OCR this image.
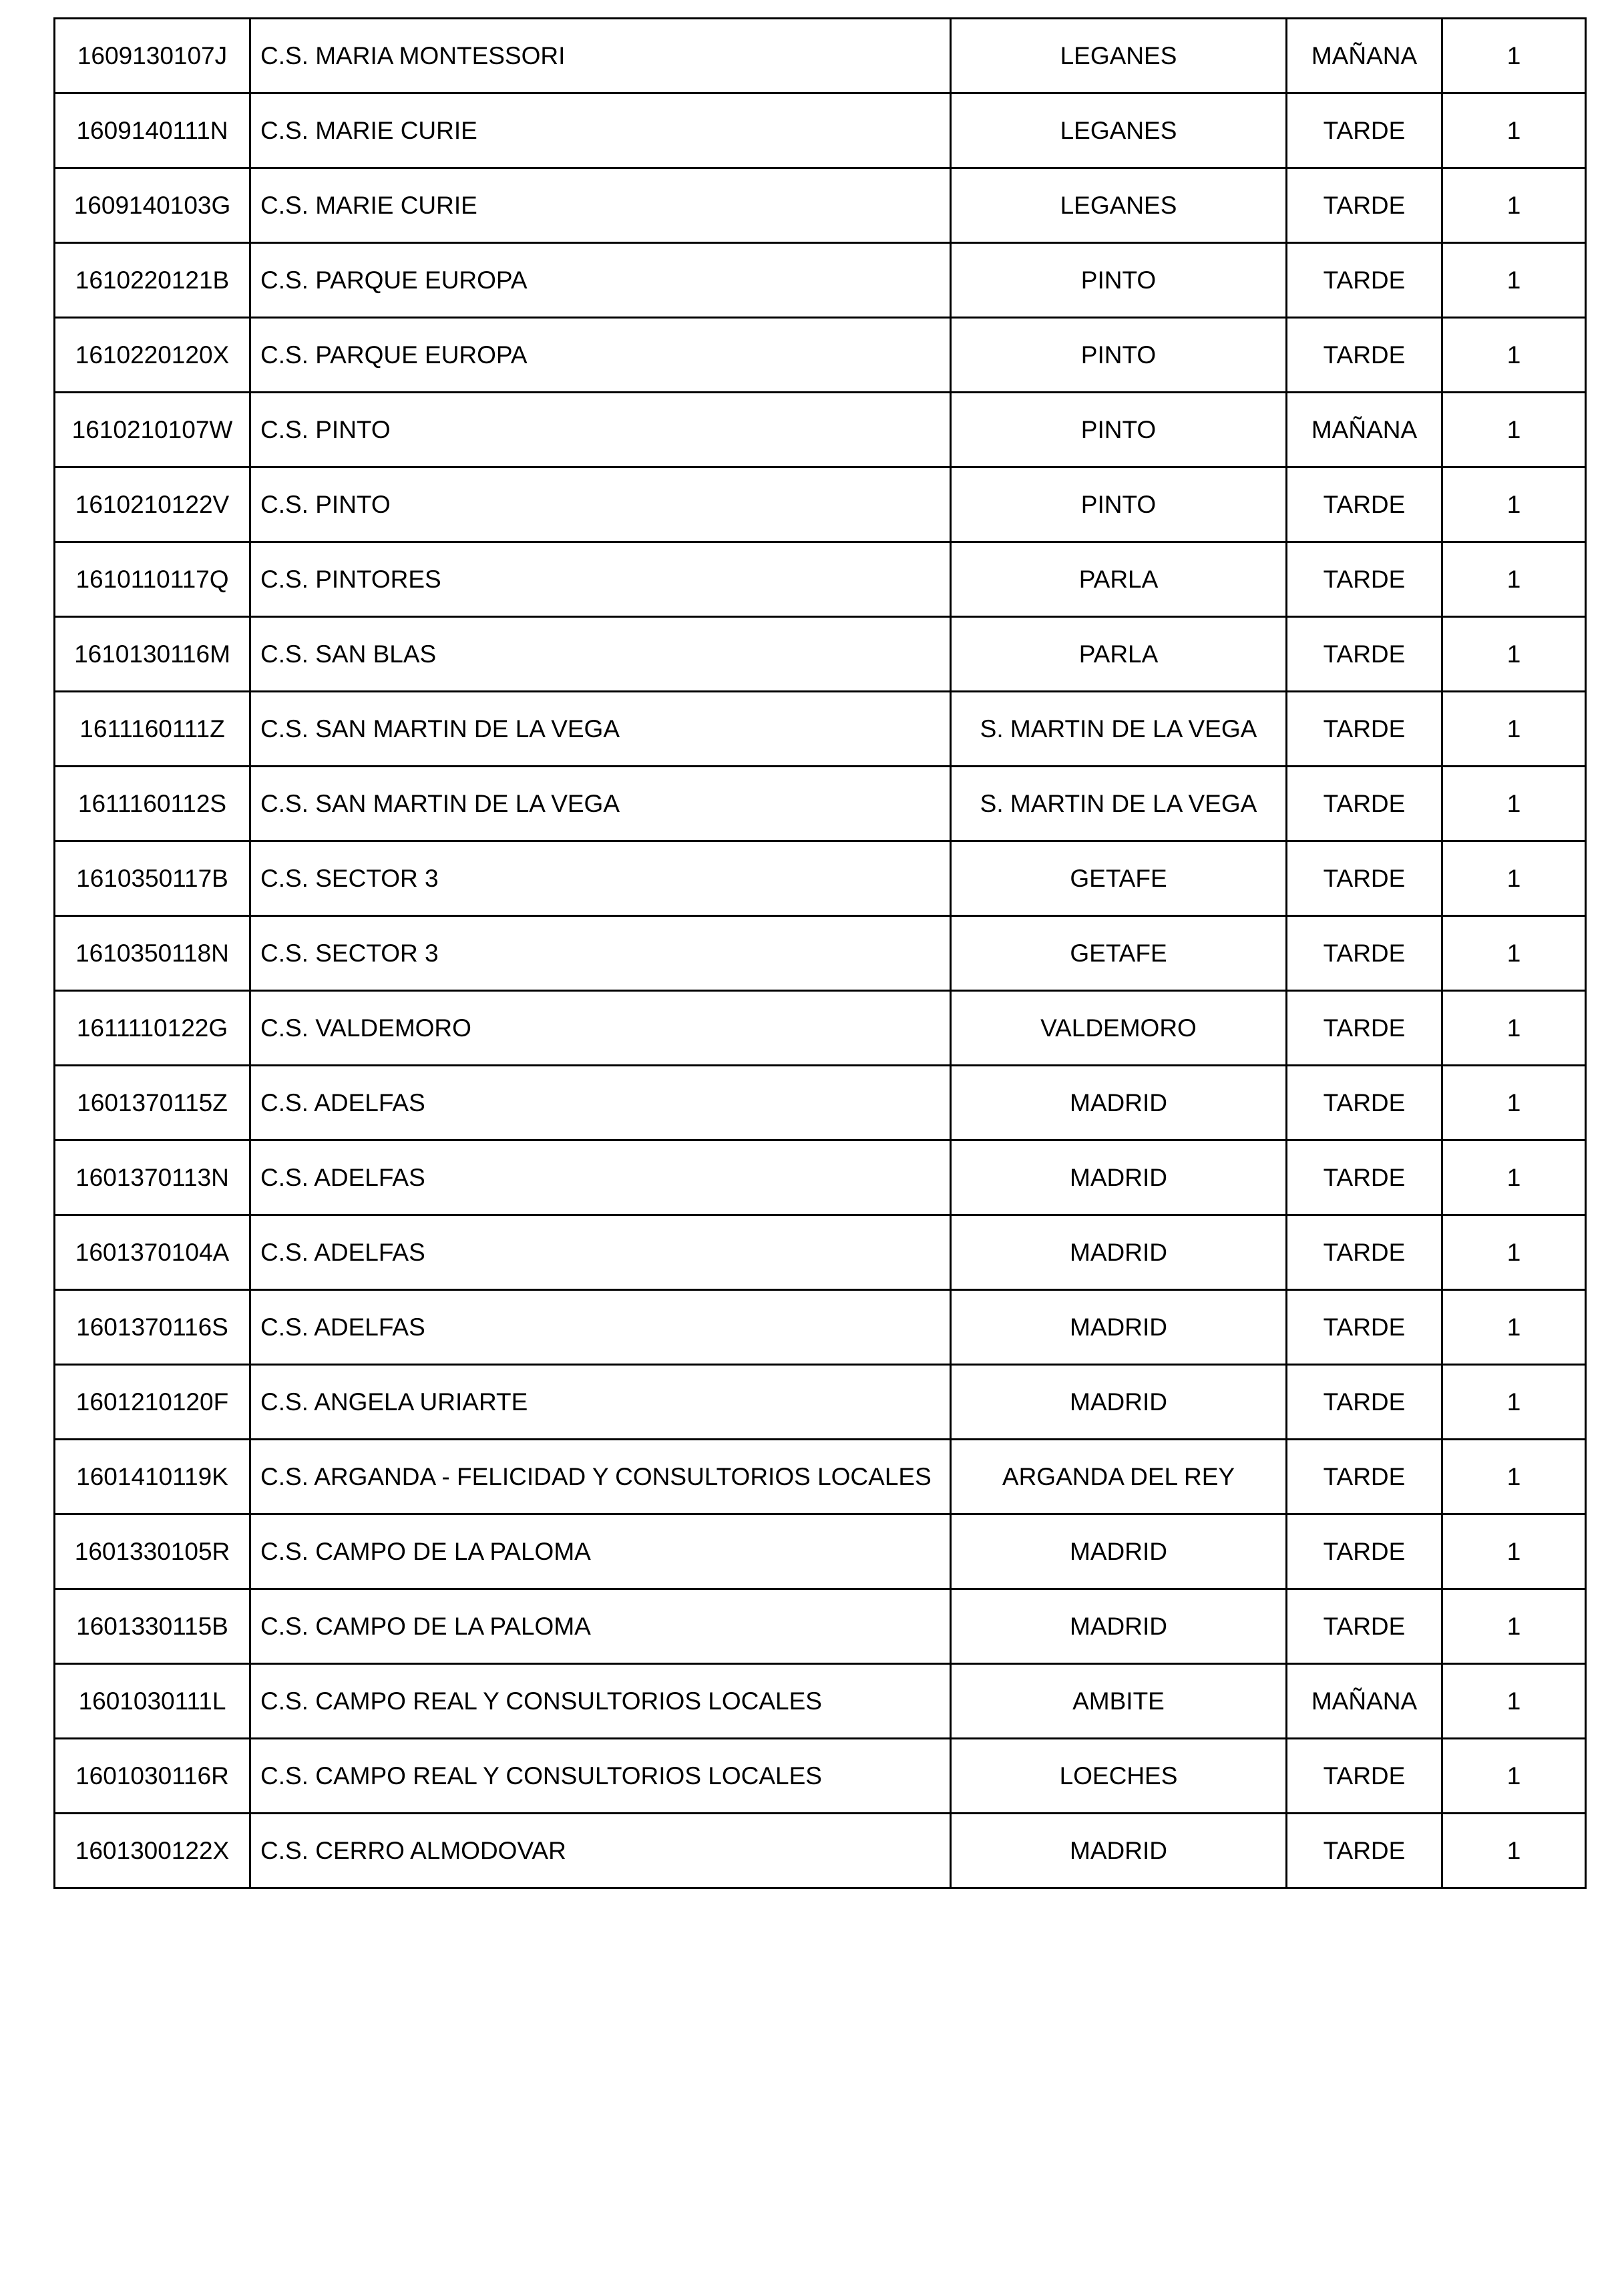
1609130107J	C.S. MARIA MONTESSORI	LEGANES	MAÑANA	1
1609140111N	C.S. MARIE CURIE	LEGANES	TARDE	1
1609140103G	C.S. MARIE CURIE	LEGANES	TARDE	1
1610220121B	C.S. PARQUE EUROPA	PINTO	TARDE	1
1610220120X	C.S. PARQUE EUROPA	PINTO	TARDE	1
1610210107W	C.S. PINTO	PINTO	MAÑANA	1
1610210122V	C.S. PINTO	PINTO	TARDE	1
1610110117Q	C.S. PINTORES	PARLA	TARDE	1
1610130116M	C.S. SAN BLAS	PARLA	TARDE	1
1611160111Z	C.S. SAN MARTIN DE LA VEGA	S. MARTIN DE LA VEGA	TARDE	1
1611160112S	C.S. SAN MARTIN DE LA VEGA	S. MARTIN DE LA VEGA	TARDE	1
1610350117B	C.S. SECTOR 3	GETAFE	TARDE	1
1610350118N	C.S. SECTOR 3	GETAFE	TARDE	1
1611110122G	C.S. VALDEMORO	VALDEMORO	TARDE	1
1601370115Z	C.S. ADELFAS	MADRID	TARDE	1
1601370113N	C.S. ADELFAS	MADRID	TARDE	1
1601370104A	C.S. ADELFAS	MADRID	TARDE	1
1601370116S	C.S. ADELFAS	MADRID	TARDE	1
1601210120F	C.S. ANGELA URIARTE	MADRID	TARDE	1
1601410119K	C.S. ARGANDA - FELICIDAD Y CONSULTORIOS LOCALES	ARGANDA DEL REY	TARDE	1
1601330105R	C.S. CAMPO DE LA PALOMA	MADRID	TARDE	1
1601330115B	C.S. CAMPO DE LA PALOMA	MADRID	TARDE	1
1601030111L	C.S. CAMPO REAL Y CONSULTORIOS LOCALES	AMBITE	MAÑANA	1
1601030116R	C.S. CAMPO REAL Y CONSULTORIOS LOCALES	LOECHES	TARDE	1
1601300122X	C.S. CERRO ALMODOVAR	MADRID	TARDE	1
